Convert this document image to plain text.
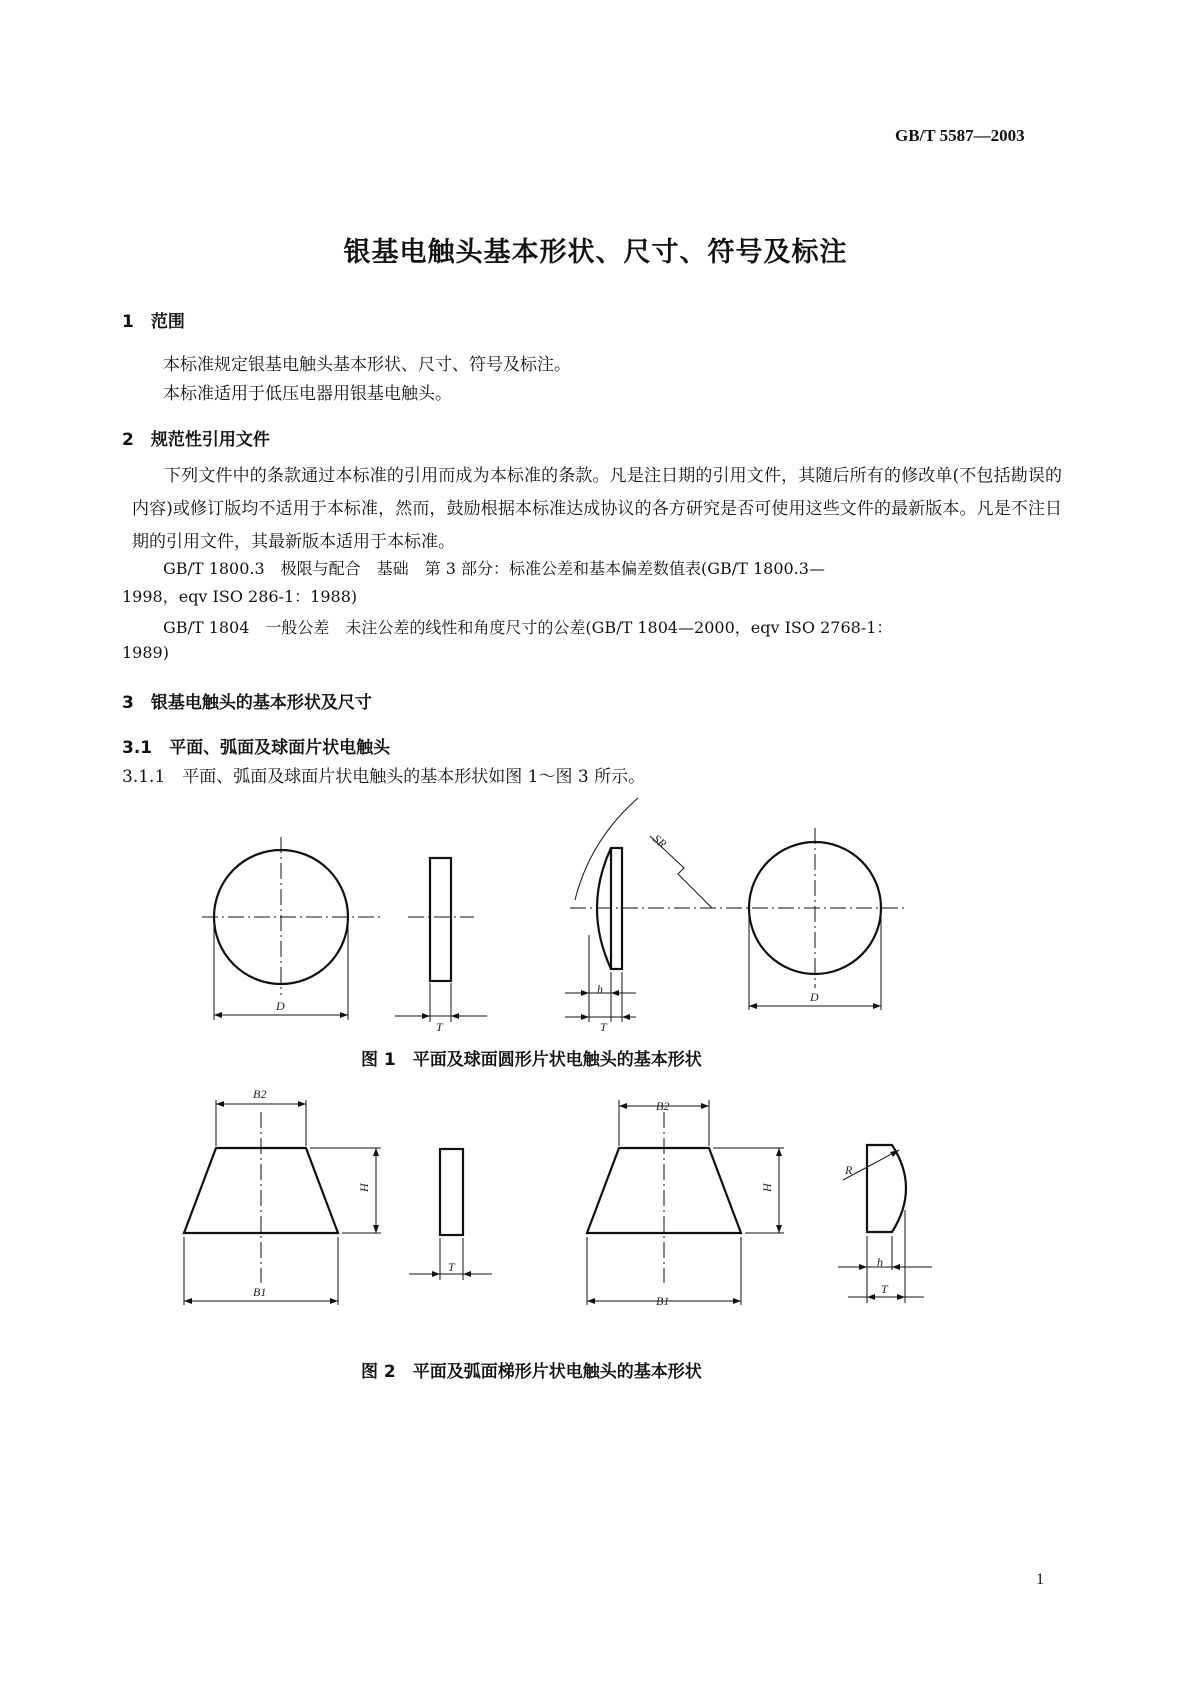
GB/T 5587—2003
银基电触头基本形状、尺寸、符号及标注
1　范围
本标准规定银基电触头基本形状、尺寸、符号及标注。
本标准适用于低压电器用银基电触头。
2　规范性引用文件
下列文件中的条款通过本标准的引用而成为本标准的条款。凡是注日期的引用文件，其随后所有的修改单(不包括勘误的内容)或修订版均不适用于本标准，然而，鼓励根据本标准达成协议的各方研究是否可使用这些文件的最新版本。凡是不注日期的引用文件，其最新版本适用于本标准。
GB/T 1800.3　极限与配合　基础　第 3 部分：标准公差和基本偏差数值表(GB/T 1800.3—
1998，eqv ISO 286-1：1988)
GB/T 1804　一般公差　未注公差的线性和角度尺寸的公差(GB/T 1804—2000，eqv ISO 2768-1：
1989)
3　银基电触头的基本形状及尺寸
3.1　平面、弧面及球面片状电触头
3.1.1　平面、弧面及球面片状电触头的基本形状如图 1～图 3 所示。
D
T
SR
h
T
D
B2
H
B1
T
B2
H
B1
R
h
T
图 1　平面及球面圆形片状电触头的基本形状
图 2　平面及弧面梯形片状电触头的基本形状
1
